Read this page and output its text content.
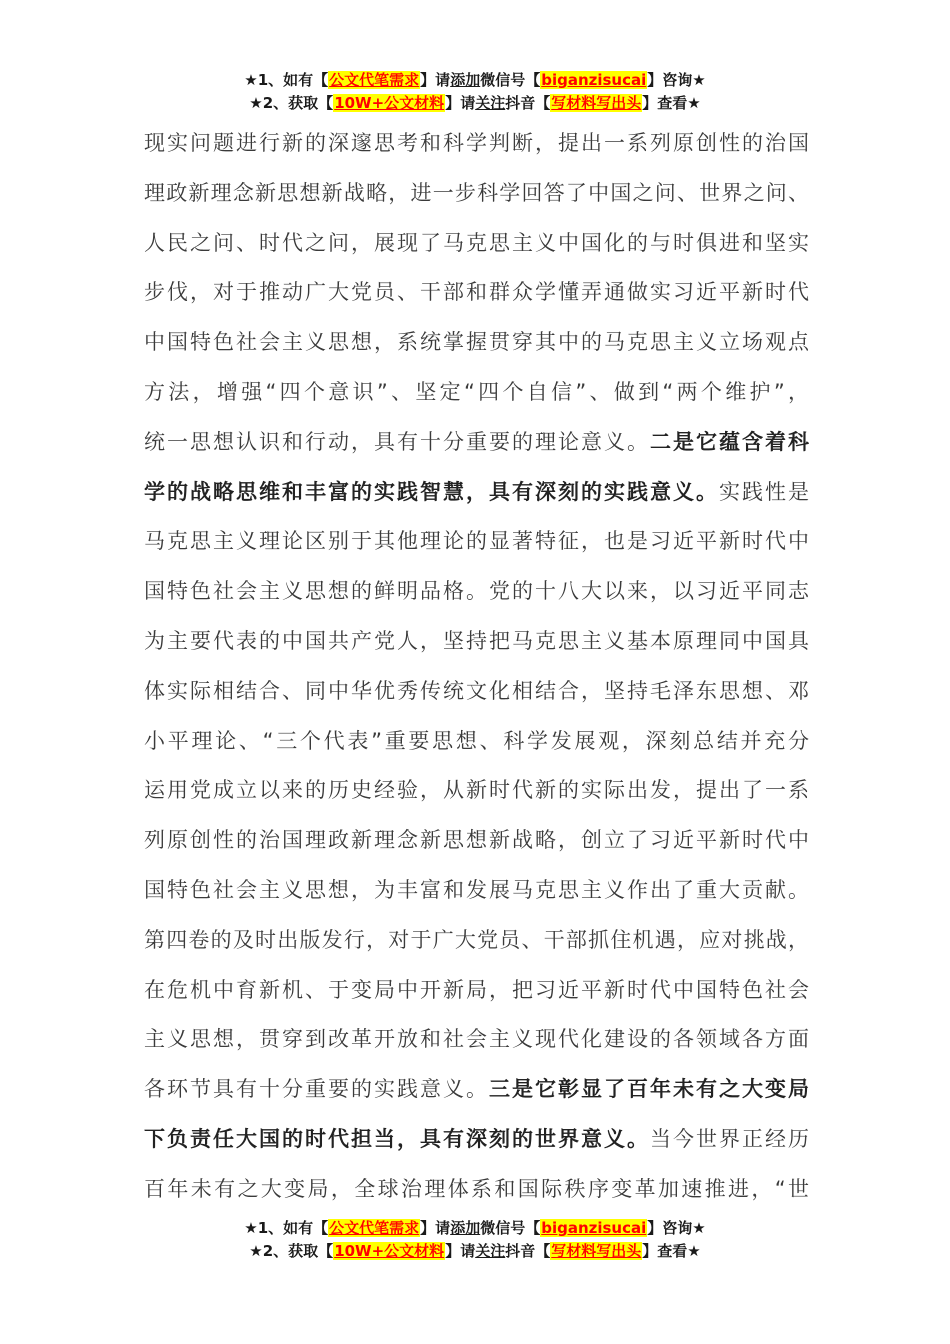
★1、如有【公文代笔需求】请添加微信号【biganzisucai】咨询★
★2、获取【10W+公文材料】请关注抖音【写材料写出头】查看★
现实问题进行新的深邃思考和科学判断，提出一系列原创性的治国
理政新理念新思想新战略，进一步科学回答了中国之问、世界之问、
人民之问、时代之问，展现了马克思主义中国化的与时俱进和坚实
步伐，对于推动广大党员、干部和群众学懂弄通做实习近平新时代
中国特色社会主义思想，系统掌握贯穿其中的马克思主义立场观点
方法，增强“四个意识”、坚定“四个自信”、做到“两个维护”，
统一思想认识和行动，具有十分重要的理论意义。二是它蕴含着科
学的战略思维和丰富的实践智慧，具有深刻的实践意义。实践性是
马克思主义理论区别于其他理论的显著特征，也是习近平新时代中
国特色社会主义思想的鲜明品格。党的十八大以来，以习近平同志
为主要代表的中国共产党人，坚持把马克思主义基本原理同中国具
体实际相结合、同中华优秀传统文化相结合，坚持毛泽东思想、邓
小平理论、“三个代表”重要思想、科学发展观，深刻总结并充分
运用党成立以来的历史经验，从新时代新的实际出发，提出了一系
列原创性的治国理政新理念新思想新战略，创立了习近平新时代中
国特色社会主义思想，为丰富和发展马克思主义作出了重大贡献。
第四卷的及时出版发行，对于广大党员、干部抓住机遇，应对挑战，
在危机中育新机、于变局中开新局，把习近平新时代中国特色社会
主义思想，贯穿到改革开放和社会主义现代化建设的各领域各方面
各环节具有十分重要的实践意义。三是它彰显了百年未有之大变局
下负责任大国的时代担当，具有深刻的世界意义。当今世界正经历
百年未有之大变局，全球治理体系和国际秩序变革加速推进，“世
★1、如有【公文代笔需求】请添加微信号【biganzisucai】咨询★
★2、获取【10W+公文材料】请关注抖音【写材料写出头】查看★
